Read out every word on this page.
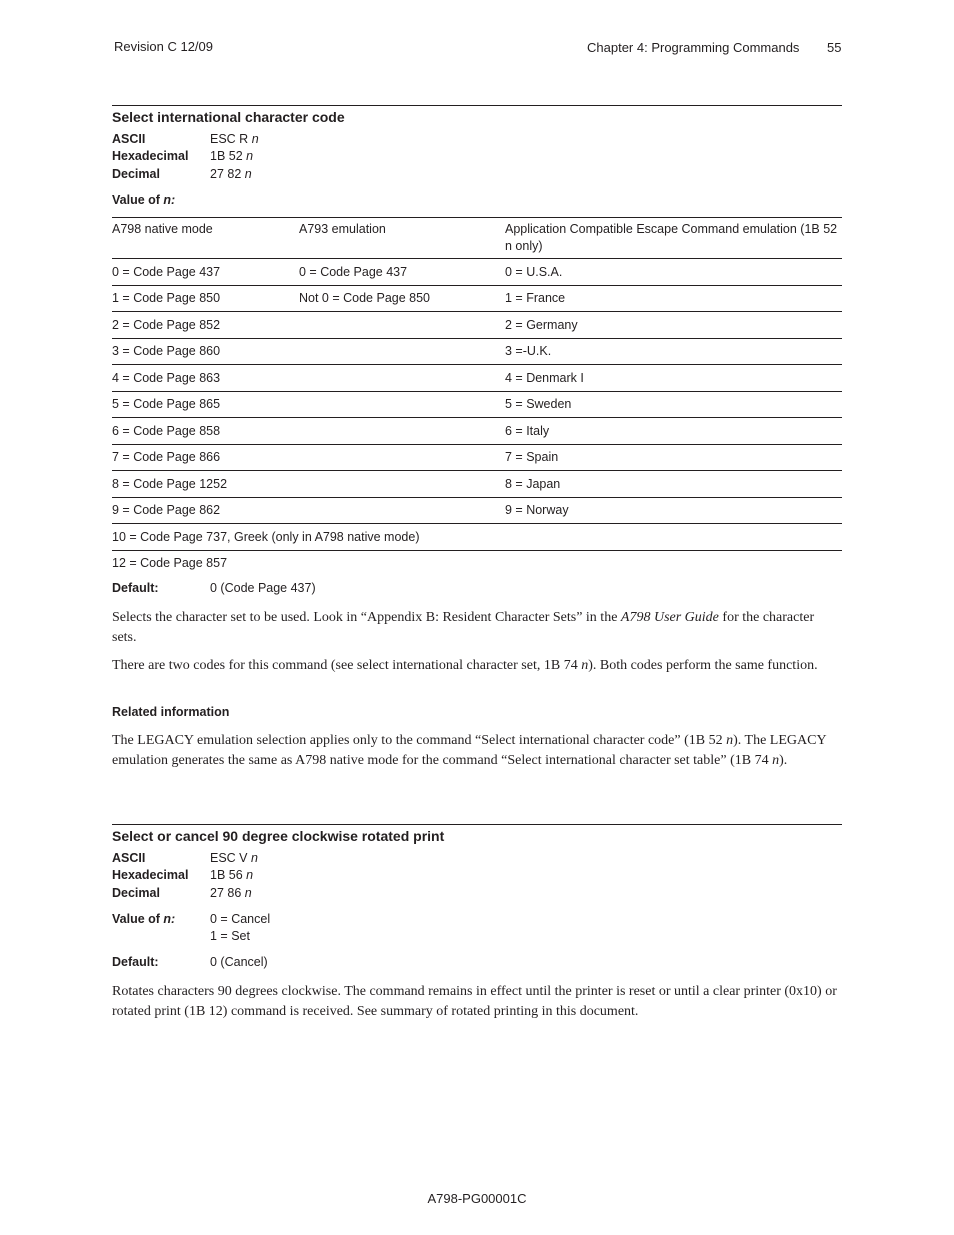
Revision C 12/09	Chapter 4: Programming Commands 55
Select international character code
ASCII	ESC R n
Hexadecimal 1B 52 n
Decimal	27 82 n
Value of n:
A798 native mode	A793 emulation	Application Compatible Escape Command emulation (1B 52 n only)
0 = Code Page 437	0 = Code Page 437	0 = U.S.A.
1 = Code Page 850	Not 0 = Code Page 850	1 = France
2 = Code Page 852		2 = Germany
3 = Code Page 860		3 =-U.K.
4 = Code Page 863		4 = Denmark I
5 = Code Page 865		5 = Sweden
6 = Code Page 858		6 = Italy
7 = Code Page 866		7 = Spain
8 = Code Page 1252		8 = Japan
9 = Code Page 862		9 = Norway
10 = Code Page 737, Greek (only in A798 native mode)		
12 = Code Page 857		
Default:	0 (Code Page 437)
Selects the character set to be used. Look in “Appendix B: Resident Character Sets” in the A798 User Guide for the character sets.
There are two codes for this command (see select international character set, 1B 74 n). Both codes perform the same function.
Related information
The LEGACY emulation selection applies only to the command “Select international character code” (1B 52 n). The LEGACY emulation generates the same as A798 native mode for the command “Select international character set table” (1B 74 n).
Select or cancel 90 degree clockwise rotated print
ASCII	ESC V n
Hexadecimal 1B 56 n
Decimal	27 86 n
Value of n:	0 = Cancel
1 = Set
Default:	0 (Cancel)
Rotates characters 90 degrees clockwise. The command remains in effect until the printer is reset or until a clear printer (0x10) or rotated print (1B 12) command is received. See summary of rotated printing in this document.
A798-PG00001C
